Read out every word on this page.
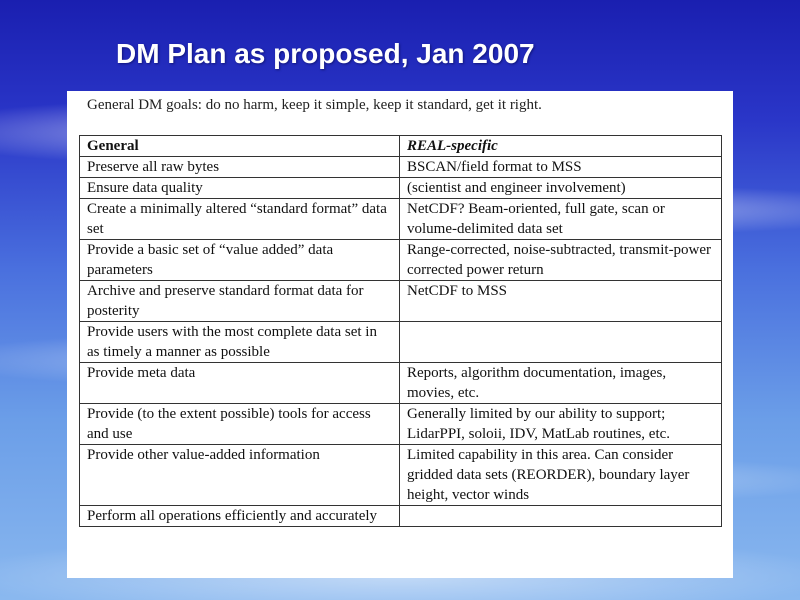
DM Plan as proposed, Jan 2007
General DM goals: do no harm, keep it simple, keep it standard, get it right.
General	REAL-specific
Preserve all raw bytes	BSCAN/field format to MSS
Ensure data quality	(scientist and engineer involvement)
Create a minimally altered “standard format” data set	NetCDF? Beam-oriented, full gate, scan or volume-delimited data set
Provide a basic set of “value added” data parameters	Range-corrected, noise-subtracted, transmit-power corrected power return
Archive and preserve standard format data for posterity	NetCDF to MSS
Provide users with the most complete data set in as timely a manner as possible	
Provide meta data	Reports, algorithm documentation, images, movies, etc.
Provide (to the extent possible) tools for access and use	Generally limited by our ability to support; LidarPPI, soloii, IDV, MatLab routines, etc.
Provide other value-added information	Limited capability in this area. Can consider gridded data sets (REORDER), boundary layer height, vector winds
Perform all operations efficiently and accurately	
